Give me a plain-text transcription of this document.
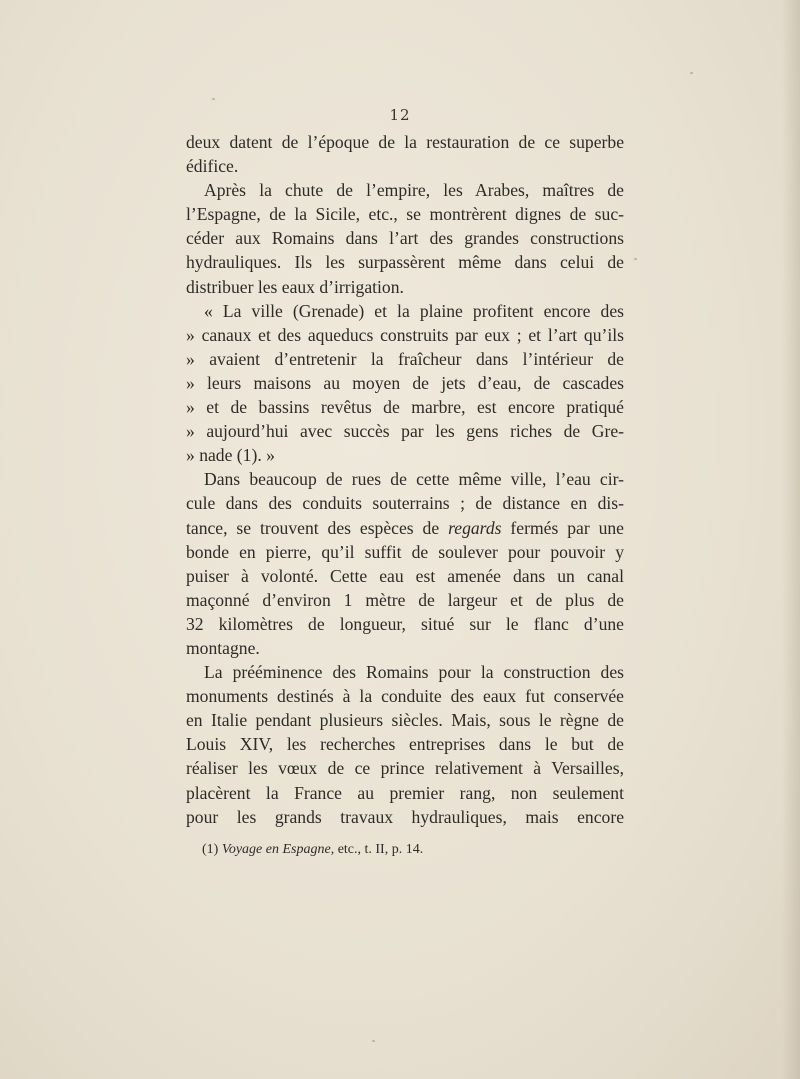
12
deux datent de l’époque de la restauration de ce superbe
édifice.
Après la chute de l’empire, les Arabes, maîtres de
l’Espagne, de la Sicile, etc., se montrèrent dignes de suc-
céder aux Romains dans l’art des grandes constructions
hydrauliques. Ils les surpassèrent même dans celui de
distribuer les eaux d’irrigation.
« La ville (Grenade) et la plaine profitent encore des
» canaux et des aqueducs construits par eux ; et l’art qu’ils
» avaient d’entretenir la fraîcheur dans l’intérieur de
» leurs maisons au moyen de jets d’eau, de cascades
» et de bassins revêtus de marbre, est encore pratiqué
» aujourd’hui avec succès par les gens riches de Gre-
» nade (1). »
Dans beaucoup de rues de cette même ville, l’eau cir-
cule dans des conduits souterrains ; de distance en dis-
tance, se trouvent des espèces de regards fermés par une
bonde en pierre, qu’il suffit de soulever pour pouvoir y
puiser à volonté. Cette eau est amenée dans un canal
maçonné d’environ 1 mètre de largeur et de plus de
32 kilomètres de longueur, situé sur le flanc d’une
montagne.
La prééminence des Romains pour la construction des
monuments destinés à la conduite des eaux fut conservée
en Italie pendant plusieurs siècles. Mais, sous le règne de
Louis XIV, les recherches entreprises dans le but de
réaliser les vœux de ce prince relativement à Versailles,
placèrent la France au premier rang, non seulement
pour les grands travaux hydrauliques, mais encore
(1) Voyage en Espagne, etc., t. II, p. 14.
